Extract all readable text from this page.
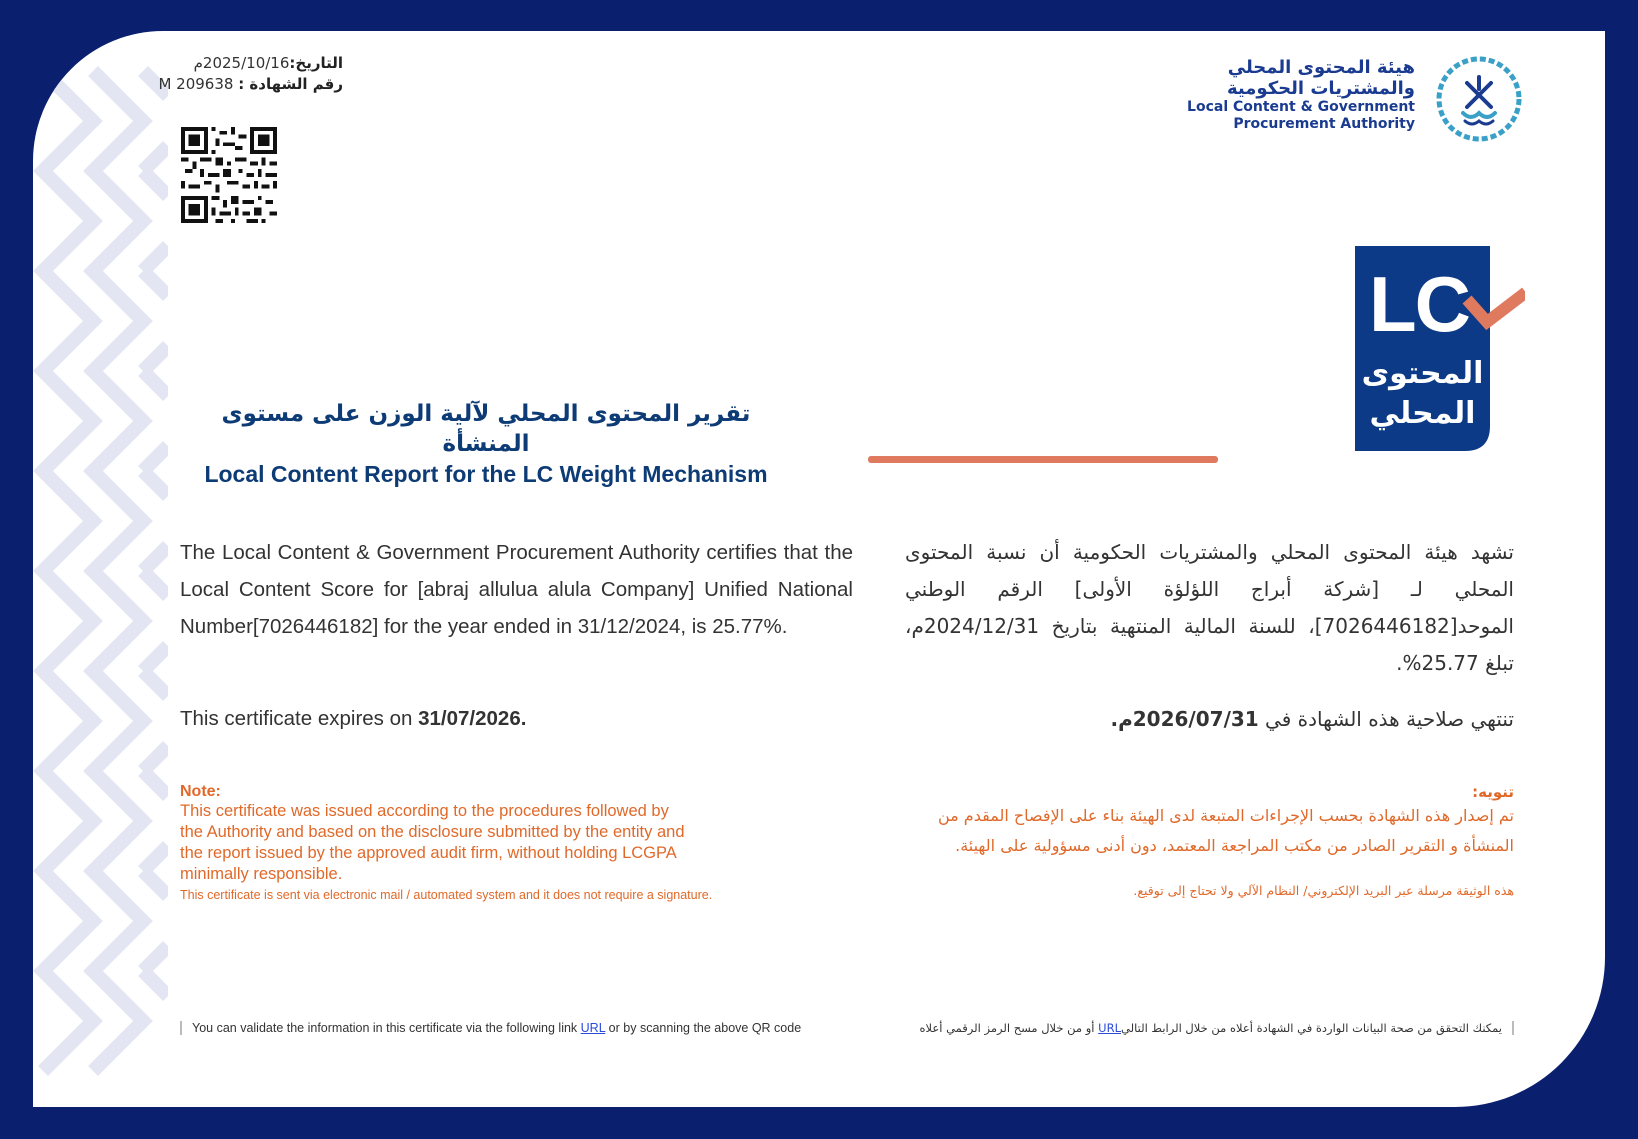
التاريخ:2025/10/16م
رقم الشهادة : M 209638
هيئة المحتوى المحلي
والمشتريات الحكومية
Local Content & Government
Procurement Authority
LC
المحتوى
المحلي
تقرير المحتوى المحلي لآلية الوزن على مستوى المنشأة
Local Content Report for the LC Weight Mechanism
The Local Content & Government Procurement Authority certifies that the Local Content Score for [abraj allulua alula Company] Unified National Number[7026446182] for the year ended in 31/12/2024, is 25.77%.
تشهد هيئة المحتوى المحلي والمشتريات الحكومية أن نسبة المحتوى المحلي لـ [شركة أبراج اللؤلؤة الأولى] الرقم الوطني الموحد[7026446182]، للسنة المالية المنتهية بتاريخ 2024/12/31م، تبلغ 25.77%.
This certificate expires on 31/07/2026.	تنتهي صلاحية هذه الشهادة في 2026/07/31م.
Note:
This certificate was issued according to the procedures followed by the Authority and based on the disclosure submitted by the entity and the report issued by the approved audit firm, without holding LCGPA minimally responsible.
This certificate is sent via electronic mail / automated system and it does not require a signature.
تنويه:
تم إصدار هذه الشهادة بحسب الإجراءات المتبعة لدى الهيئة بناء على الإفصاح المقدم من المنشأة و التقرير الصادر من مكتب المراجعة المعتمد، دون أدنى مسؤولية على الهيئة.
هذه الوثيقة مرسلة عبر البريد الإلكتروني/ النظام الآلي ولا تحتاج إلى توقيع.
You can validate the information in this certificate via the following link URL or by scanning the above QR code	يمكنك التحقق من صحة البيانات الواردة في الشهادة أعلاه من خلال الرابط التاليURL أو من خلال مسح الرمز الرقمي أعلاه
